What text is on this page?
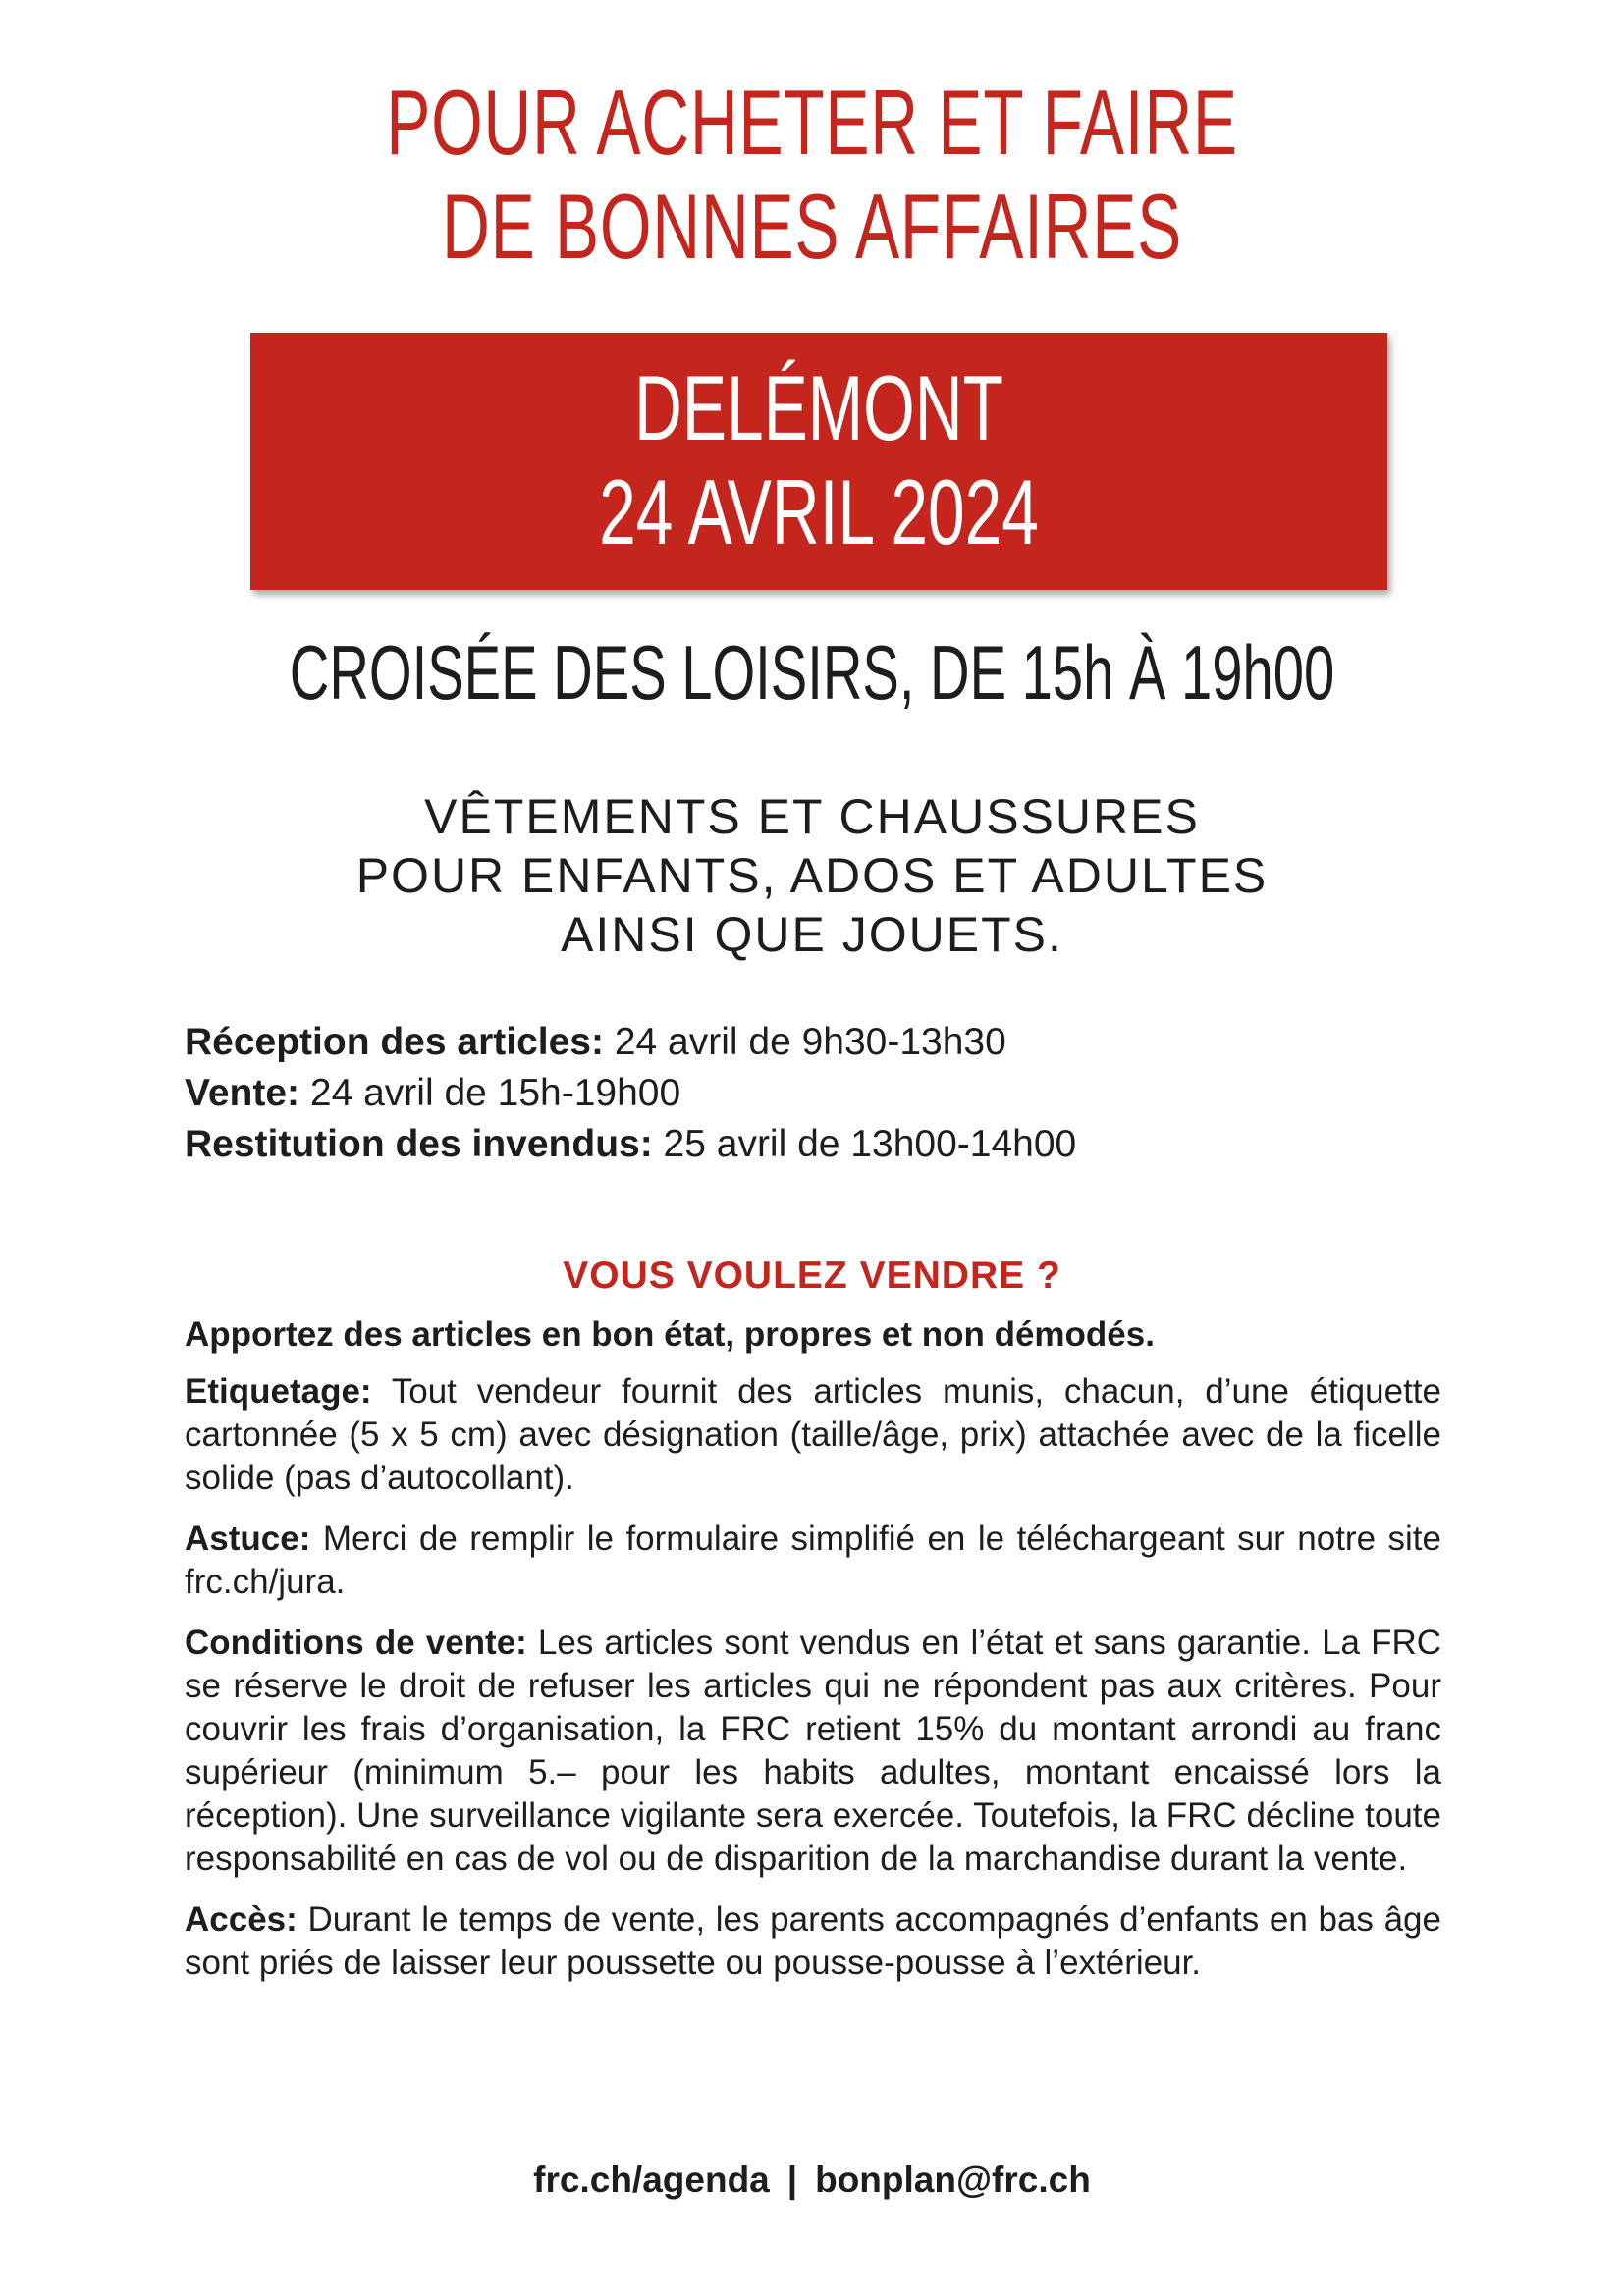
POUR ACHETER ET FAIRE
DE BONNES AFFAIRES
DELÉMONT
24 AVRIL 2024
CROISÉE DES LOISIRS, DE 15h À 19h00
VÊTEMENTS ET CHAUSSURES
POUR ENFANTS, ADOS ET ADULTES
AINSI QUE JOUETS.
Réception des articles: 24 avril de 9h30-13h30
Vente: 24 avril de 15h-19h00
Restitution des invendus: 25 avril de 13h00-14h00
VOUS VOULEZ VENDRE ?

Apportez des articles en bon état, propres et non démodés.

Etiquetage: Tout vendeur fournit des articles munis, chacun, d’une étiquette cartonnée (5 x 5 cm) avec désignation (taille/âge, prix) attachée avec de la ficelle solide (pas d’autocollant).

Astuce: Merci de remplir le formulaire simplifié en le téléchargeant sur notre site frc.ch/jura.

Conditions de vente: Les articles sont vendus en l’état et sans garantie. La FRC se réserve le droit de refuser les articles qui ne répondent pas aux critères. Pour couvrir les frais d’organisation, la FRC retient 15% du montant arrondi au franc supérieur (minimum 5.– pour les habits adultes, montant encaissé lors la réception). Une surveillance vigilante sera exercée. Toutefois, la FRC décline toute responsabilité en cas de vol ou de disparition de la marchandise durant la vente.

Accès: Durant le temps de vente, les parents accompagnés d’enfants en bas âge sont priés de laisser leur poussette ou pousse-pousse à l’extérieur.

frc.ch/agenda | bonplan@frc.ch
